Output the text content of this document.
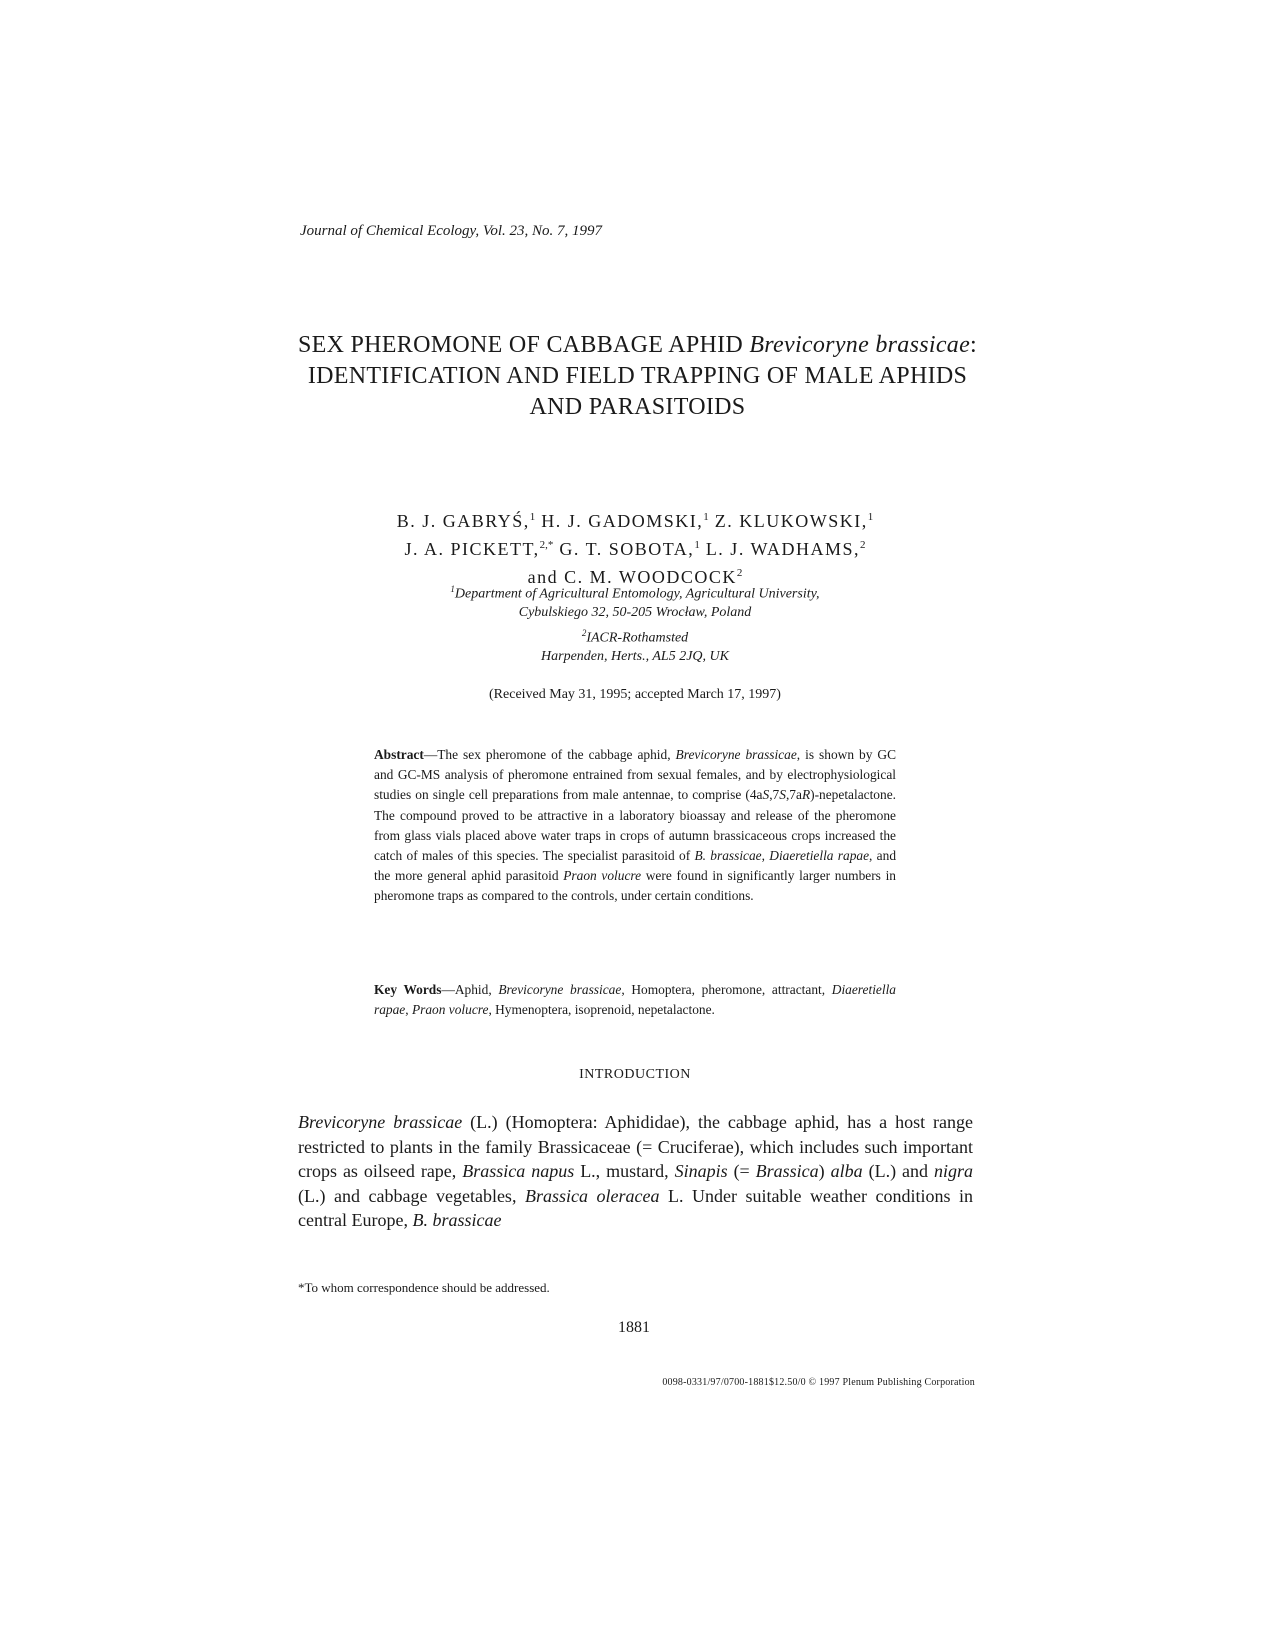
Journal of Chemical Ecology, Vol. 23, No. 7, 1997
SEX PHEROMONE OF CABBAGE APHID Brevicoryne brassicae: IDENTIFICATION AND FIELD TRAPPING OF MALE APHIDS AND PARASITOIDS
B. J. GABRYŚ,$^1$ H. J. GADOMSKI,$^1$ Z. KLUKOWSKI,$^1$
J. A. PICKETT,$^{2,*}$ G. T. SOBOTA,$^1$ L. J. WADHAMS,$^2$
and C. M. WOODCOCK$^2$
$^1$Department of Agricultural Entomology, Agricultural University,
Cybulskiego 32, 50-205 Wrocław, Poland
$^2$IACR-Rothamsted
Harpenden, Herts., AL5 2JQ, UK
(Received May 31, 1995; accepted March 17, 1997)
Abstract—The sex pheromone of the cabbage aphid, Brevicoryne brassicae, is shown by GC and GC-MS analysis of pheromone entrained from sexual females, and by electrophysiological studies on single cell preparations from male antennae, to comprise (4aS,7S,7aR)-nepetalactone. The compound proved to be attractive in a laboratory bioassay and release of the pheromone from glass vials placed above water traps in crops of autumn brassicaceous crops increased the catch of males of this species. The specialist parasitoid of B. brassicae, Diaeretiella rapae, and the more general aphid parasitoid Praon volucre were found in significantly larger numbers in pheromone traps as compared to the controls, under certain conditions.
Key Words—Aphid, Brevicoryne brassicae, Homoptera, pheromone, attractant, Diaeretiella rapae, Praon volucre, Hymenoptera, isoprenoid, nepetalactone.
INTRODUCTION
Brevicoryne brassicae (L.) (Homoptera: Aphididae), the cabbage aphid, has a host range restricted to plants in the family Brassicaceae (= Cruciferae), which includes such important crops as oilseed rape, Brassica napus L., mustard, Sinapis (= Brassica) alba (L.) and nigra (L.) and cabbage vegetables, Brassica oleracea L. Under suitable weather conditions in central Europe, B. brassicae
*To whom correspondence should be addressed.
1881
0098-0331/97/0700-1881$12.50/0 © 1997 Plenum Publishing Corporation
